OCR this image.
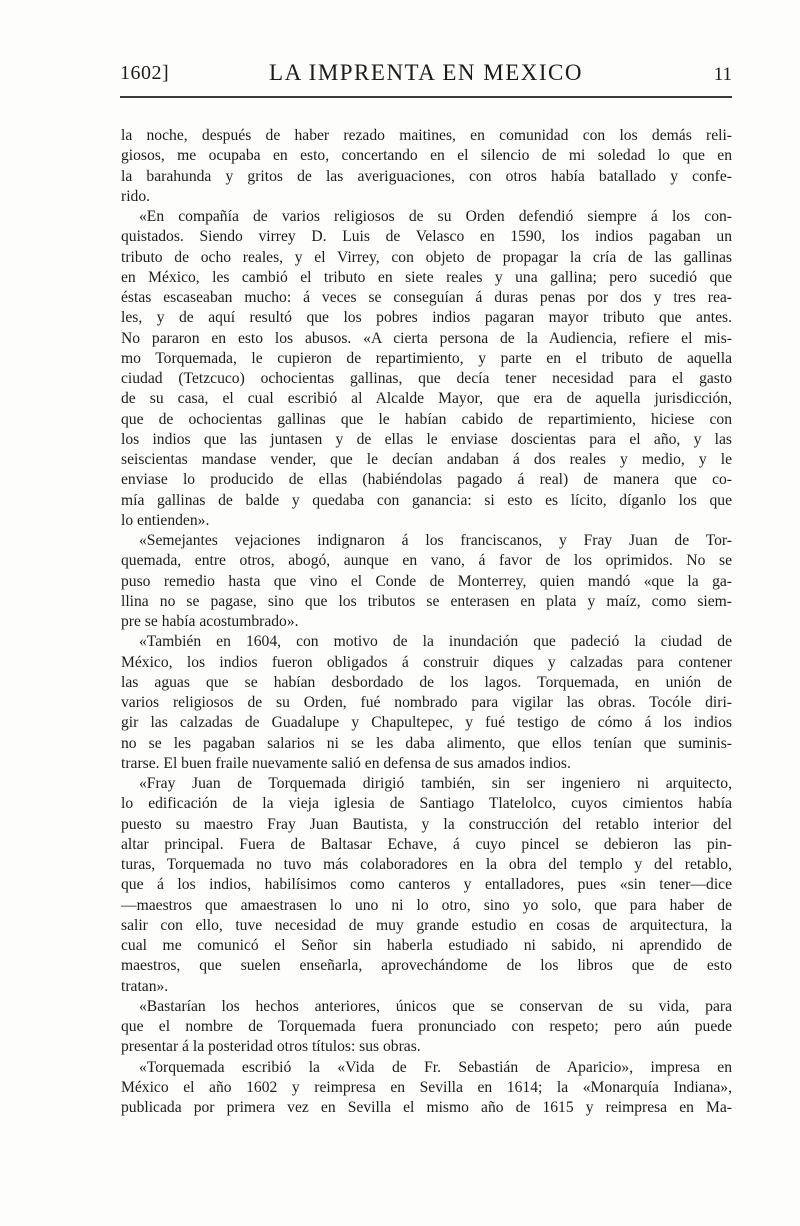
1602]	LA IMPRENTA EN MEXICO	11
la noche, después de haber rezado maitines, en comunidad con los demás reli-
giosos, me ocupaba en esto, concertando en el silencio de mi soledad lo que en
la barahunda y gritos de las averiguaciones, con otros había batallado y confe-
rido.
«En compañía de varios religiosos de su Orden defendió siempre á los con-
quistados. Siendo virrey D. Luis de Velasco en 1590, los indios pagaban un
tributo de ocho reales, y el Virrey, con objeto de propagar la cría de las gallinas
en México, les cambió el tributo en siete reales y una gallina; pero sucedió que
éstas escaseaban mucho: á veces se conseguían á duras penas por dos y tres rea-
les, y de aquí resultó que los pobres indios pagaran mayor tributo que antes.
No pararon en esto los abusos. «A cierta persona de la Audiencia, refiere el mis-
mo Torquemada, le cupieron de repartimiento, y parte en el tributo de aquella
ciudad (Tetzcuco) ochocientas gallinas, que decía tener necesidad para el gasto
de su casa, el cual escribió al Alcalde Mayor, que era de aquella jurisdicción,
que de ochocientas gallinas que le habían cabido de repartimiento, hiciese con
los indios que las juntasen y de ellas le enviase doscientas para el año, y las
seiscientas mandase vender, que le decían andaban á dos reales y medio, y le
enviase lo producido de ellas (habiéndolas pagado á real) de manera que co-
mía gallinas de balde y quedaba con ganancia: si esto es lícito, díganlo los que
lo entienden».
«Semejantes vejaciones indignaron á los franciscanos, y Fray Juan de Tor-
quemada, entre otros, abogó, aunque en vano, á favor de los oprimidos. No se
puso remedio hasta que vino el Conde de Monterrey, quien mandó «que la ga-
llina no se pagase, sino que los tributos se enterasen en plata y maíz, como siem-
pre se había acostumbrado».
«También en 1604, con motivo de la inundación que padeció la ciudad de
México, los indios fueron obligados á construir diques y calzadas para contener
las aguas que se habían desbordado de los lagos. Torquemada, en unión de
varios religiosos de su Orden, fué nombrado para vigilar las obras. Tocóle diri-
gir las calzadas de Guadalupe y Chapultepec, y fué testigo de cómo á los indios
no se les pagaban salarios ni se les daba alimento, que ellos tenían que suminis-
trarse. El buen fraile nuevamente salió en defensa de sus amados indios.
«Fray Juan de Torquemada dirigió también, sin ser ingeniero ni arquitecto,
lo edificación de la vieja iglesia de Santiago Tlatelolco, cuyos cimientos había
puesto su maestro Fray Juan Bautista, y la construcción del retablo interior del
altar principal. Fuera de Baltasar Echave, á cuyo pincel se debieron las pin-
turas, Torquemada no tuvo más colaboradores en la obra del templo y del retablo,
que á los indios, habilísimos como canteros y entalladores, pues «sin tener—dice
—maestros que amaestrasen lo uno ni lo otro, sino yo solo, que para haber de
salir con ello, tuve necesidad de muy grande estudio en cosas de arquitectura, la
cual me comunicó el Señor sin haberla estudiado ni sabido, ni aprendido de
maestros, que suelen enseñarla, aprovechándome de los libros que de esto
tratan».
«Bastarían los hechos anteriores, únicos que se conservan de su vida, para
que el nombre de Torquemada fuera pronunciado con respeto; pero aún puede
presentar á la posteridad otros títulos: sus obras.
«Torquemada escribió la «Vida de Fr. Sebastián de Aparicio», impresa en
México el año 1602 y reimpresa en Sevilla en 1614; la «Monarquía Indiana»,
publicada por primera vez en Sevilla el mismo año de 1615 y reimpresa en Ma-
